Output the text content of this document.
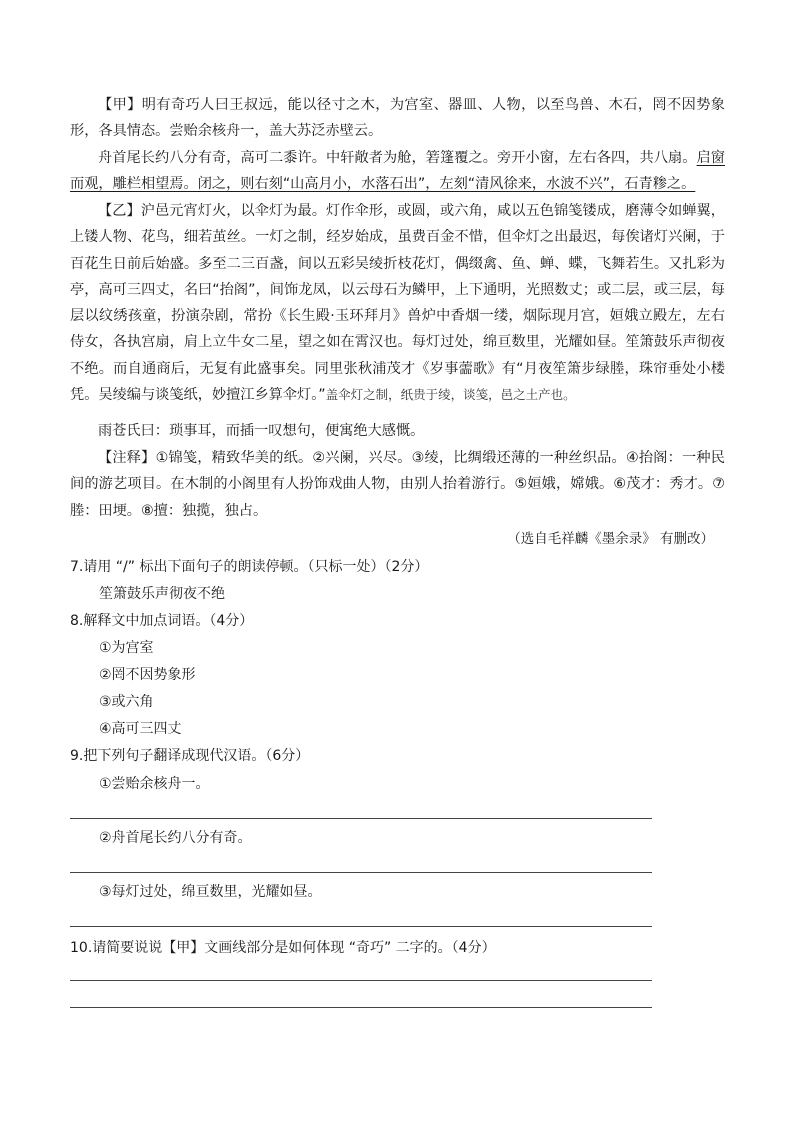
【甲】明有奇巧人曰王叔远，能以径寸之木，为宫室、器皿、人物，以至鸟兽、木石，罔不因势象形，各具情态。尝贻余核舟一，盖大苏泛赤壁云。
舟首尾长约八分有奇，高可二黍许。中轩敞者为舱，箬篷覆之。旁开小窗，左右各四，共八扇。启窗而观，雕栏相望焉。闭之，则右刻“山高月小，水落石出”，左刻“清风徐来，水波不兴”，石青糁之。
【乙】沪邑元宵灯火，以伞灯为最。灯作伞形，或圆，或六角，咸以五色锦笺镂成，磨薄令如蝉翼，上镂人物、花鸟，细若茧丝。一灯之制，经岁始成，虽费百金不惜，但伞灯之出最迟，每俟诸灯兴阑，于百花生日前后始盛。多至二三百盏，间以五彩吴绫折枝花灯，偶缀禽、鱼、蝉、蝶，飞舞若生。又扎彩为亭，高可三四丈，名曰“抬阁”，间饰龙凤，以云母石为鳞甲，上下通明，光照数丈；或二层，或三层，每层以纹绣孩童，扮演杂剧，常扮《长生殿·玉环拜月》兽炉中香烟一缕，烟际现月宫，姮娥立殿左，左右侍女，各执宫扇，肩上立牛女二星，望之如在霄汉也。每灯过处，绵亘数里，光耀如昼。笙箫鼓乐声彻夜不绝。而自通商后，无复有此盛事矣。同里张秋浦茂才《岁事蘦歌》有“月夜笙箫步绿塍，珠帘垂处小楼凭。吴绫编与谈笺纸，妙擅江乡算伞灯。”盖伞灯之制，纸贵于绫，谈笺，邑之土产也。
雨苍氏曰：琐事耳，而插一叹想句，便寓绝大感慨。
【注释】①锦笺，精致华美的纸。②兴阑，兴尽。③绫，比绸缎还薄的一种丝织品。④抬阁：一种民间的游艺项目。在木制的小阁里有人扮饰戏曲人物，由别人抬着游行。⑤姮娥，嫦娥。⑥茂才：秀才。⑦塍：田埂。⑧擅：独揽，独占。
（选自毛祥麟《墨余录》 有删改）
7.请用 “/” 标出下面句子的朗读停顿。（只标一处）（2分）
笙箫鼓乐声彻夜不绝
8.解释文中加点词语。（4分）
①为宫室
②罔不因势象形
③或六角
④高可三四丈
9.把下列句子翻译成现代汉语。（6分）
①尝贻余核舟一。
②舟首尾长约八分有奇。
③每灯过处，绵亘数里，光耀如昼。
10.请简要说说【甲】文画线部分是如何体现 “奇巧” 二字的。（4分）
